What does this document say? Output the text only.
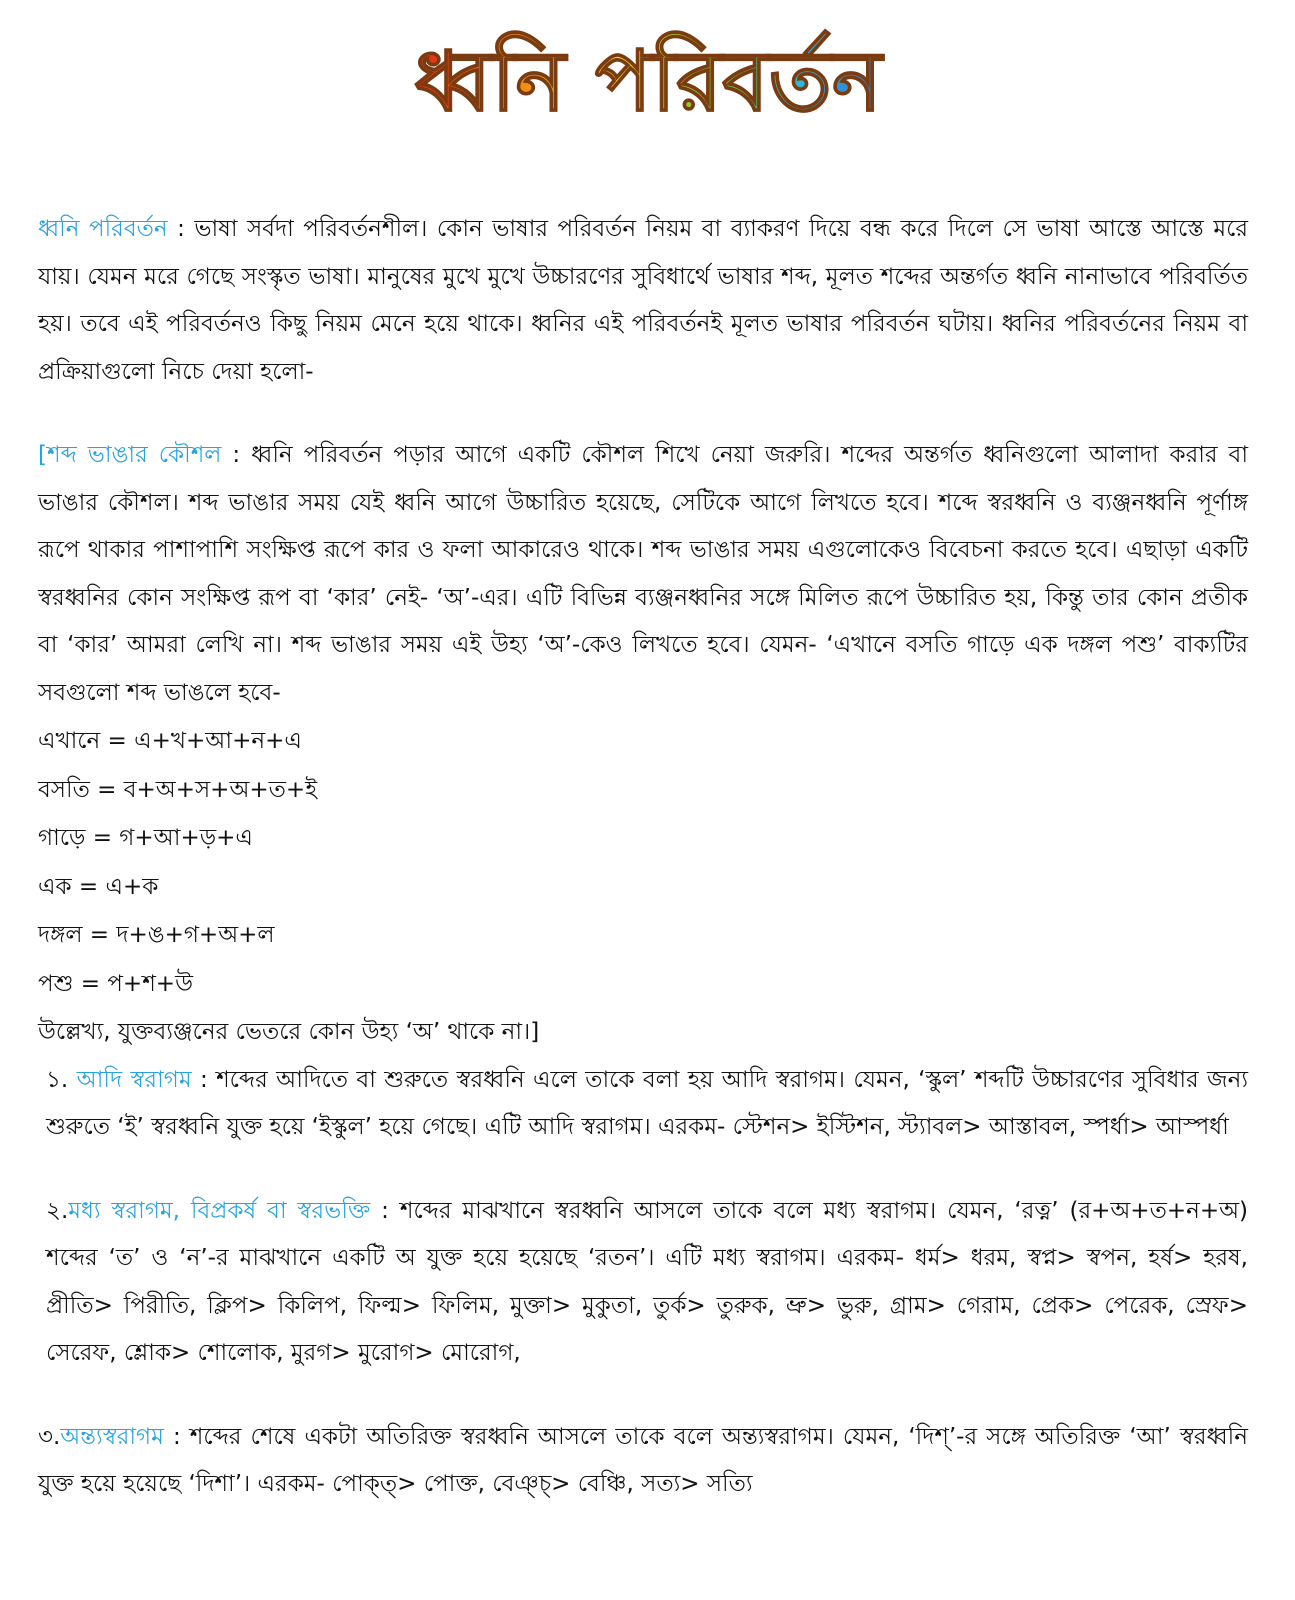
ধ্বনি পরিবর্তন

ধ্বনি পরিবর্তন : ভাষা সর্বদা পরিবর্তনশীল। কোন ভাষার পরিবর্তন নিয়ম বা ব্যাকরণ দিয়ে বন্ধ করে দিলে সে ভাষা আস্তে আস্তে মরে যায়। যেমন মরে গেছে সংস্কৃত ভাষা। মানুষের মুখে মুখে উচ্চারণের সুবিধার্থে ভাষার শব্দ, মূলত শব্দের অন্তর্গত ধ্বনি নানাভাবে পরিবর্তিত হয়। তবে এই পরিবর্তনও কিছু নিয়ম মেনে হয়ে থাকে। ধ্বনির এই পরিবর্তনই মূলত ভাষার পরিবর্তন ঘটায়। ধ্বনির পরিবর্তনের নিয়ম বা প্রক্রিয়াগুলো নিচে দেয়া হলো-

[শব্দ ভাঙার কৌশল : ধ্বনি পরিবর্তন পড়ার আগে একটি কৌশল শিখে নেয়া জরুরি। শব্দের অন্তর্গত ধ্বনিগুলো আলাদা করার বা ভাঙার কৌশল। শব্দ ভাঙার সময় যেই ধ্বনি আগে উচ্চারিত হয়েছে, সেটিকে আগে লিখতে হবে। শব্দে স্বরধ্বনি ও ব্যঞ্জনধ্বনি পূর্ণাঙ্গ রূপে থাকার পাশাপাশি সংক্ষিপ্ত রূপে কার ও ফলা আকারেও থাকে। শব্দ ভাঙার সময় এগুলোকেও বিবেচনা করতে হবে। এছাড়া একটি স্বরধ্বনির কোন সংক্ষিপ্ত রূপ বা ‘কার’ নেই- ‘অ’-এর। এটি বিভিন্ন ব্যঞ্জনধ্বনির সঙ্গে মিলিত রূপে উচ্চারিত হয়, কিন্তু তার কোন প্রতীক বা ‘কার’ আমরা লেখি না। শব্দ ভাঙার সময় এই উহ্য ‘অ’-কেও লিখতে হবে। যেমন- ‘এখানে বসতি গাড়ে এক দঙ্গল পশু’ বাক্যটির সবগুলো শব্দ ভাঙলে হবে-

এখানে = এ+খ+আ+ন+এ

বসতি = ব+অ+স+অ+ত+ই

গাড়ে = গ+আ+ড়+এ

এক = এ+ক

দঙ্গল = দ+ঙ+গ+অ+ল

পশু = প+শ+উ

উল্লেখ্য, যুক্তব্যঞ্জনের ভেতরে কোন উহ্য ‘অ’ থাকে না।]

১. আদি স্বরাগম : শব্দের আদিতে বা শুরুতে স্বরধ্বনি এলে তাকে বলা হয় আদি স্বরাগম। যেমন, ‘স্কুল’ শব্দটি উচ্চারণের সুবিধার জন্য শুরুতে ‘ই’ স্বরধ্বনি যুক্ত হয়ে ‘ইস্কুল’ হয়ে গেছে। এটি আদি স্বরাগম। এরকম- স্টেশন> ইস্টিশন, স্ট্যাবল> আস্তাবল, স্পর্ধা> আস্পর্ধা

২.মধ্য স্বরাগম, বিপ্রকর্ষ বা স্বরভক্তি : শব্দের মাঝখানে স্বরধ্বনি আসলে তাকে বলে মধ্য স্বরাগম। যেমন, ‘রত্ন’ (র+অ+ত+ন+অ) শব্দের ‘ত’ ও ‘ন’-র মাঝখানে একটি অ যুক্ত হয়ে হয়েছে ‘রতন’। এটি মধ্য স্বরাগম। এরকম- ধর্ম> ধরম, স্বপ্ন> স্বপন, হর্ষ> হরষ, প্রীতি> পিরীতি, ক্লিপ> কিলিপ, ফিল্ম> ফিলিম, মুক্তা> মুকুতা, তুর্ক> তুরুক, ভ্রু> ভুরু, গ্রাম> গেরাম, প্রেক> পেরেক, স্রেফ> সেরেফ, শ্লোক> শোলোক, মুরগ> মুরোগ> মোরোগ,

৩.অন্ত্যস্বরাগম : শব্দের শেষে একটা অতিরিক্ত স্বরধ্বনি আসলে তাকে বলে অন্ত্যস্বরাগম। যেমন, ‘দিশ্’-র সঙ্গে অতিরিক্ত ‘আ’ স্বরধ্বনি যুক্ত হয়ে হয়েছে ‘দিশা’। এরকম- পোক্ত্> পোক্ত, বেঞ্চ্> বেঞ্চি, সত্য> সত্যি
